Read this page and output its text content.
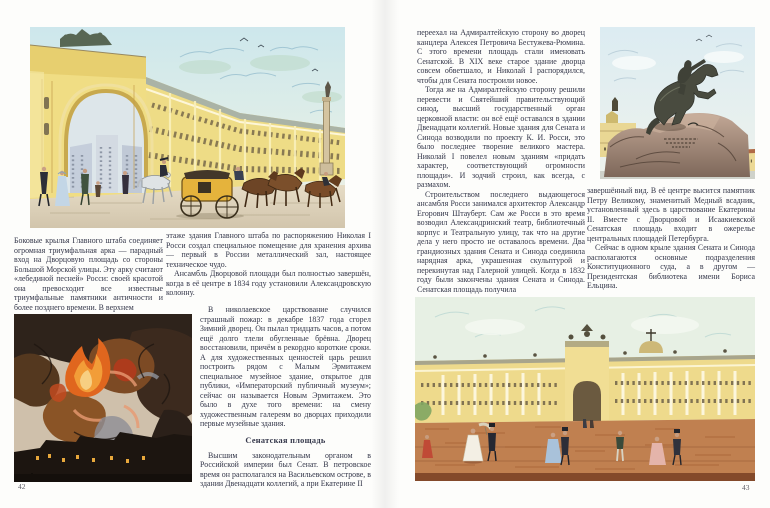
Боковые крылья Главного штаба соединяет огромная триумфальная арка — парадный вход на Дворцовую площадь со стороны Большой Морской улицы. Эту арку считают «лебединой песней» Росси: своей красотой она превосходит все известные триумфальные памятники античности и более позднего времени. В верхнем

этаже здания Главного штаба по распоряжению Николая I Росси создал специальное помещение для хранения архива — первый в России металлический зал, настоящее техническое чудо.

Ансамбль Дворцовой площади был полностью завершён, когда в её центре в 1834 году установили Александровскую колонну.

В николаевское царствование случился страшный пожар: в декабре 1837 года сгорел Зимний дворец. Он пылал тридцать часов, а потом ещё долго тлели обугленные брёвна. Дворец восстановили, причём в рекордно короткие сроки. А для художественных ценностей царь решил построить рядом с Малым Эрмитажем специальное музейное здание, открытое для публики, «Императорский публичный музеум»; сейчас он называется Новым Эрмитажем. Это было в духе того времени: на смену художественным галереям во дворцах приходили первые музейные здания.

Сенатская площадь

Высшим законодательным органом в Российской империи был Сенат. В петровское время он располагался на Васильевском острове, в здании Двенадцати коллегий, а при Екатерине II

42

переехал на Адмиралтейскую сторону во дворец канцлера Алексея Петровича Бестужева-Рюмина. С этого времени площадь стали именовать Сенатской. В XIX веке старое здание дворца совсем обветшало, и Николай I распорядился, чтобы для Сената построили новое.

Тогда же на Адмиралтейскую сторону решили перевести и Святейший правительствующий синод, высший государственный орган церковной власти: он всё ещё оставался в здании Двенадцати коллегий. Новые здания для Сената и Синода возводили по проекту К. И. Росси, это было последнее творение великого мастера. Николай I повелел новым зданиям «придать характер, соответствующий огромности площади». И зодчий строил, как всегда, с размахом.

Строительством последнего выдающегося ансамбля Росси занимался архитектор Александр Егорович Штауберт. Сам же Росси в это время возводил Александринский театр, библиотечный корпус и Театральную улицу, так что на другие дела у него просто не оставалось времени. Два грандиозных здания Сената и Синода соединила нарядная арка, украшенная скульптурой и перекинутая над Галерной улицей. Когда в 1832 году были закончены здания Сената и Синода. Сенатская площадь получила

завершённый вид. В её центре высится памятник Петру Великому, знаменитый Медный всадник, установленный здесь в царствование Екатерины II. Вместе с Дворцовой и Исаакиевской Сенатская площадь входит в ожерелье центральных площадей Петербурга.

Сейчас в одном крыле здания Сената и Синода располагаются основные подразделения Конституционного суда, а в другом — Президентская библиотека имени Бориса Ельцина.

43
